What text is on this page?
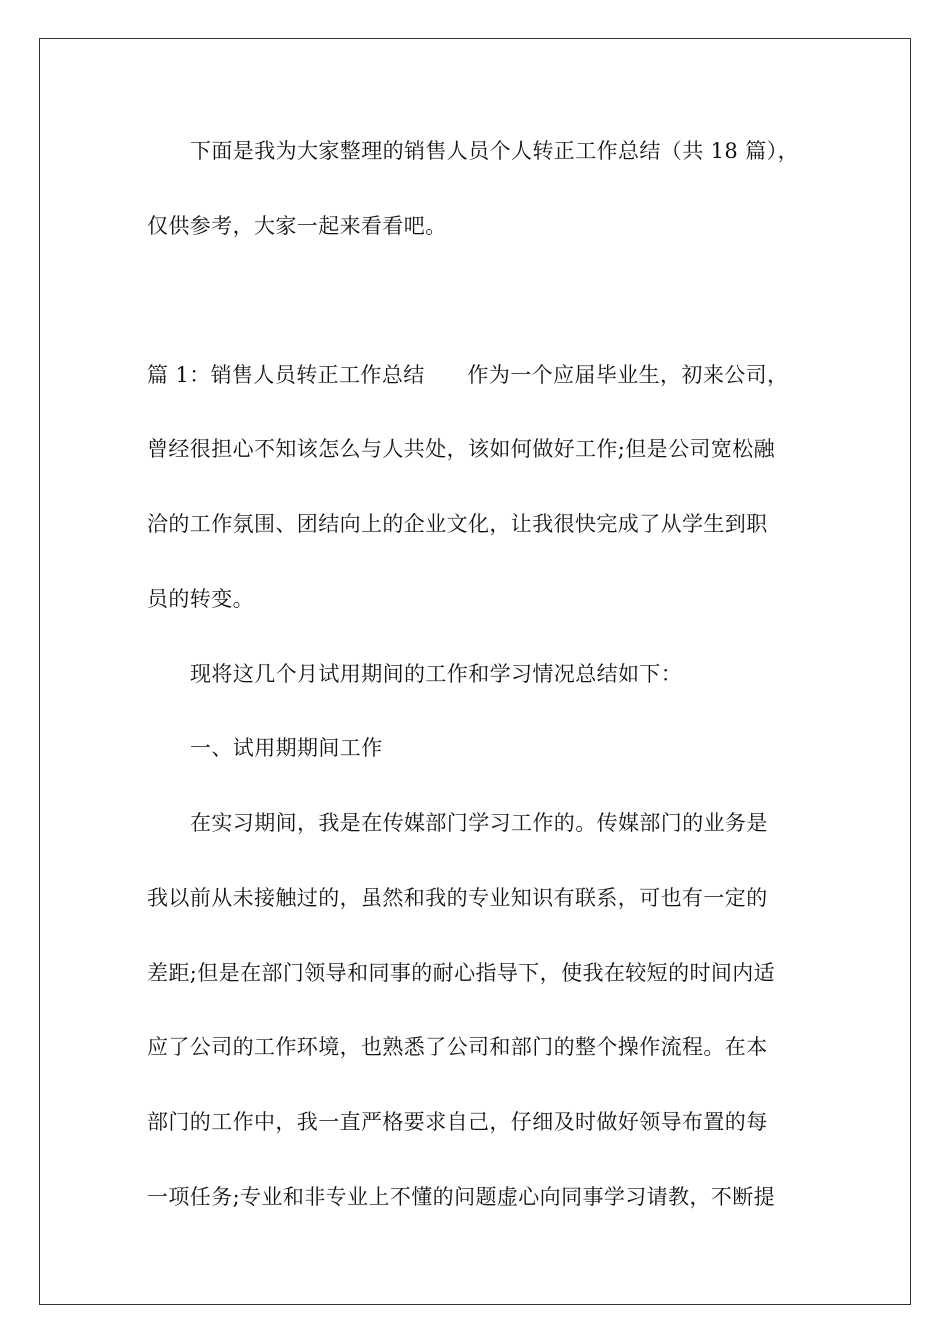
下面是我为大家整理的销售人员个人转正工作总结（共 18 篇），
仅供参考，大家一起来看看吧。
篇 1：销售人员转正工作总结　　作为一个应届毕业生，初来公司，
曾经很担心不知该怎么与人共处，该如何做好工作;但是公司宽松融
洽的工作氛围、团结向上的企业文化，让我很快完成了从学生到职
员的转变。
现将这几个月试用期间的工作和学习情况总结如下：
一、试用期期间工作
在实习期间，我是在传媒部门学习工作的。传媒部门的业务是
我以前从未接触过的，虽然和我的专业知识有联系，可也有一定的
差距;但是在部门领导和同事的耐心指导下，使我在较短的时间内适
应了公司的工作环境，也熟悉了公司和部门的整个操作流程。在本
部门的工作中，我一直严格要求自己，仔细及时做好领导布置的每
一项任务;专业和非专业上不懂的问题虚心向同事学习请教，不断提
